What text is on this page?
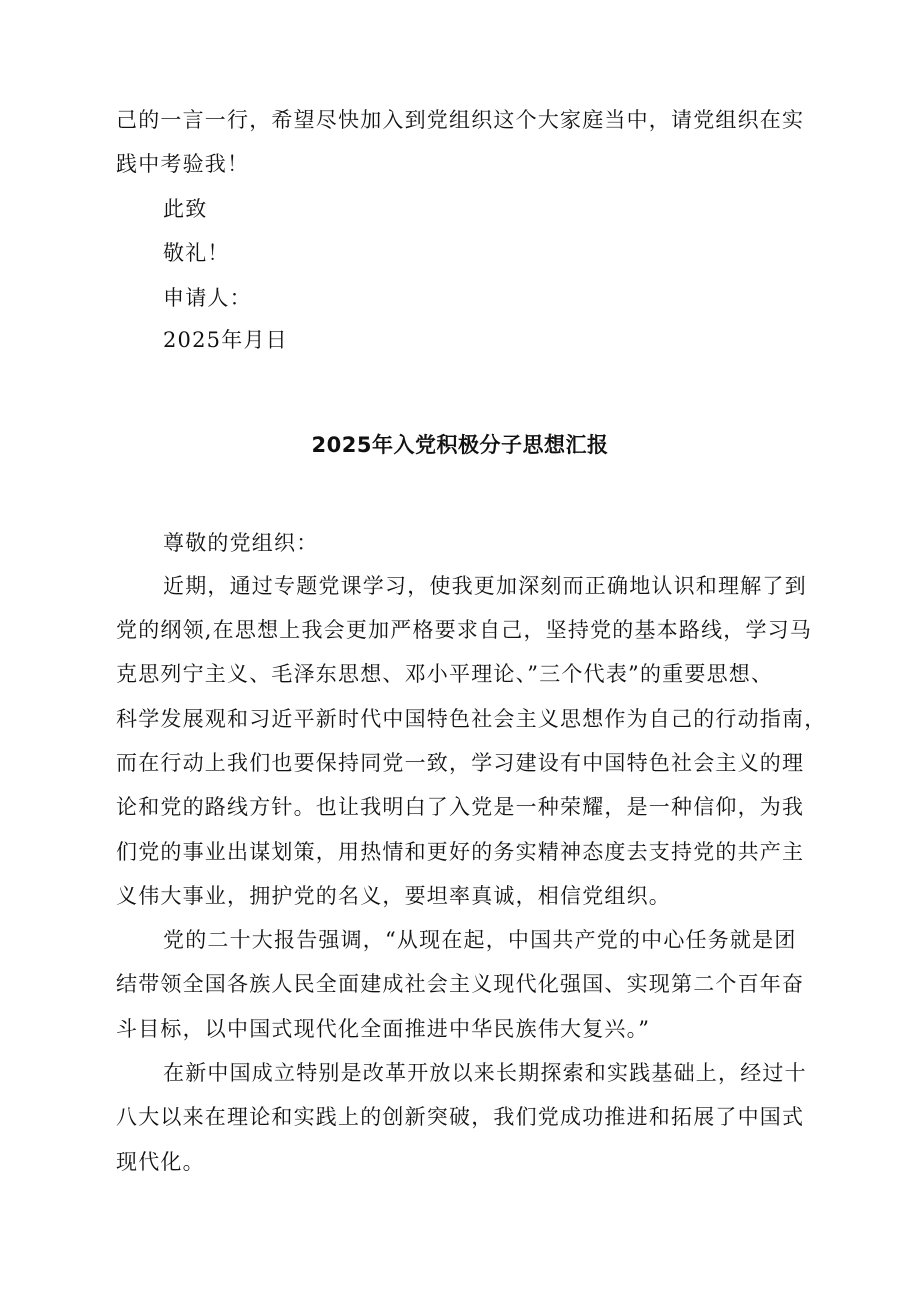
己的一言一行，希望尽快加入到党组织这个大家庭当中，请党组织在实
践中考验我！
此致
敬礼！
申请人：
2025年月日
2025年入党积极分子思想汇报
尊敬的党组织：
近期，通过专题党课学习，使我更加深刻而正确地认识和理解了到
党的纲领,在思想上我会更加严格要求自己，坚持党的基本路线，学习马
克思列宁主义、毛泽东思想、邓小平理论、”三个代表”的重要思想、
科学发展观和习近平新时代中国特色社会主义思想作为自己的行动指南，
而在行动上我们也要保持同党一致，学习建设有中国特色社会主义的理
论和党的路线方针。也让我明白了入党是一种荣耀，是一种信仰，为我
们党的事业出谋划策，用热情和更好的务实精神态度去支持党的共产主
义伟大事业，拥护党的名义，要坦率真诚，相信党组织。
党的二十大报告强调，“从现在起，中国共产党的中心任务就是团
结带领全国各族人民全面建成社会主义现代化强国、实现第二个百年奋
斗目标，以中国式现代化全面推进中华民族伟大复兴。”
在新中国成立特别是改革开放以来长期探索和实践基础上，经过十
八大以来在理论和实践上的创新突破，我们党成功推进和拓展了中国式
现代化。
